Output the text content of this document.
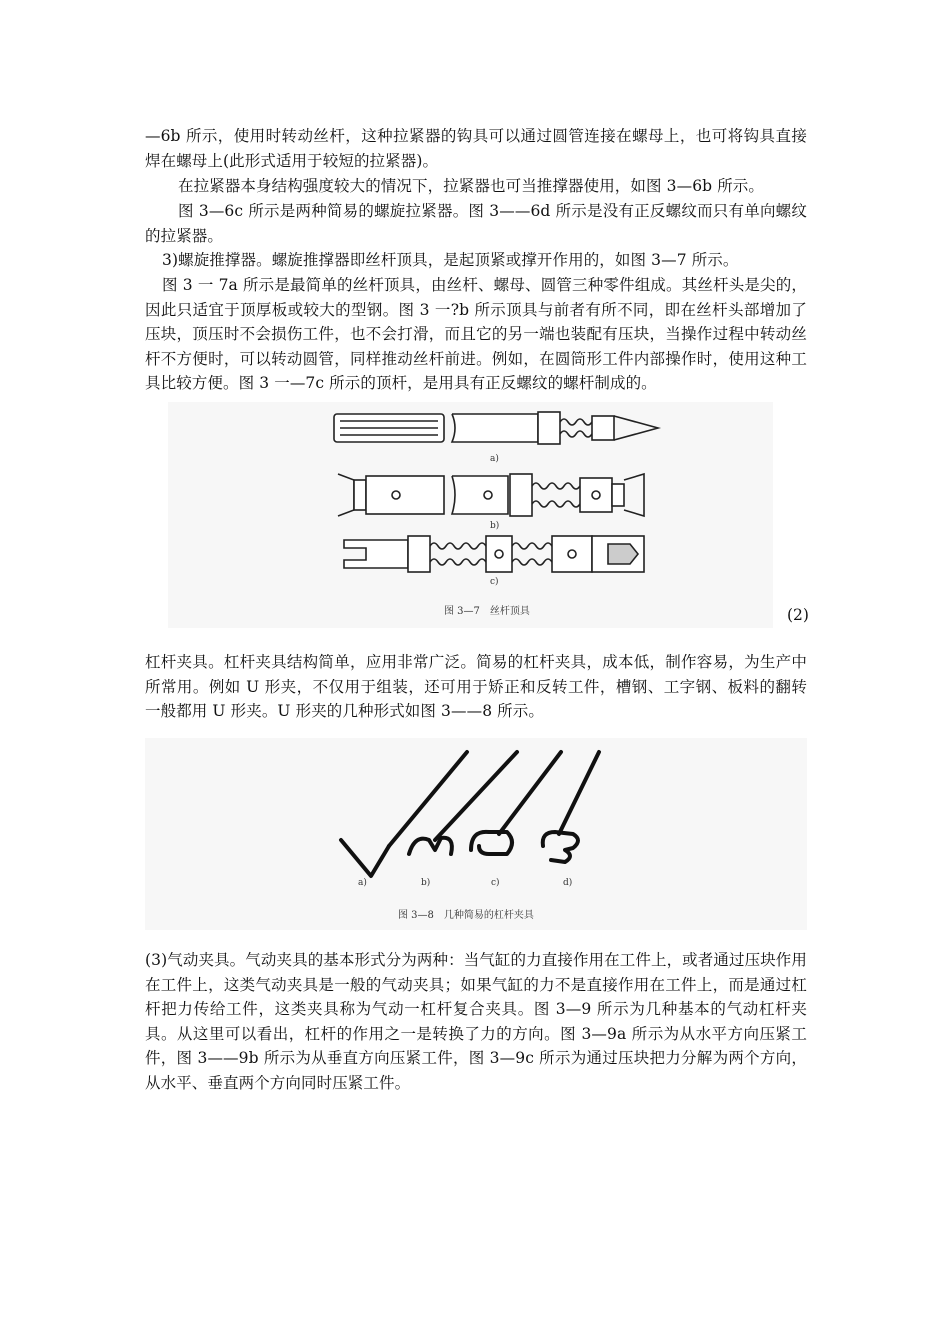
—6b 所示，使用时转动丝杆，这种拉紧器的钩具可以通过圆管连接在螺母上，也可将钩具直接焊在螺母上(此形式适用于较短的拉紧器)。

在拉紧器本身结构强度较大的情况下，拉紧器也可当推撑器使用，如图 3—6b 所示。

图 3—6c 所示是两种简易的螺旋拉紧器。图 3——6d 所示是没有正反螺纹而只有单向螺纹的拉紧器。

3)螺旋推撑器。螺旋推撑器即丝杆顶具，是起顶紧或撑开作用的，如图 3—7 所示。

图 3 一 7a 所示是最简单的丝杆顶具，由丝杆、螺母、圆管三种零件组成。其丝杆头是尖的，因此只适宜于顶厚板或较大的型钢。图 3 一?b 所示顶具与前者有所不同，即在丝杆头部增加了压块，顶压时不会损伤工件，也不会打滑，而且它的另一端也装配有压块，当操作过程中转动丝杆不方便时，可以转动圆管，同样推动丝杆前进。例如，在圆筒形工件内部操作时，使用这种工具比较方便。图 3 一—7c 所示的顶杆，是用具有正反螺纹的螺杆制成的。

a)
b)
c)
图 3—7　丝杆顶具	(2)

杠杆夹具。杠杆夹具结构简单，应用非常广泛。简易的杠杆夹具，成本低，制作容易，为生产中所常用。例如 U 形夹，不仅用于组装，还可用于矫正和反转工件，槽钢、工字钢、板料的翻转一般都用 U 形夹。U 形夹的几种形式如图 3——8 所示。

a)	b)	c)	d)
图 3—8　几种简易的杠杆夹具

(3)气动夹具。气动夹具的基本形式分为两种：当气缸的力直接作用在工件上，或者通过压块作用在工件上，这类气动夹具是一般的气动夹具；如果气缸的力不是直接作用在工件上，而是通过杠杆把力传给工件，这类夹具称为气动一杠杆复合夹具。图 3—9 所示为几种基本的气动杠杆夹具。从这里可以看出，杠杆的作用之一是转换了力的方向。图 3—9a 所示为从水平方向压紧工件，图 3——9b 所示为从垂直方向压紧工件，图 3—9c 所示为通过压块把力分解为两个方向，从水平、垂直两个方向同时压紧工件。
